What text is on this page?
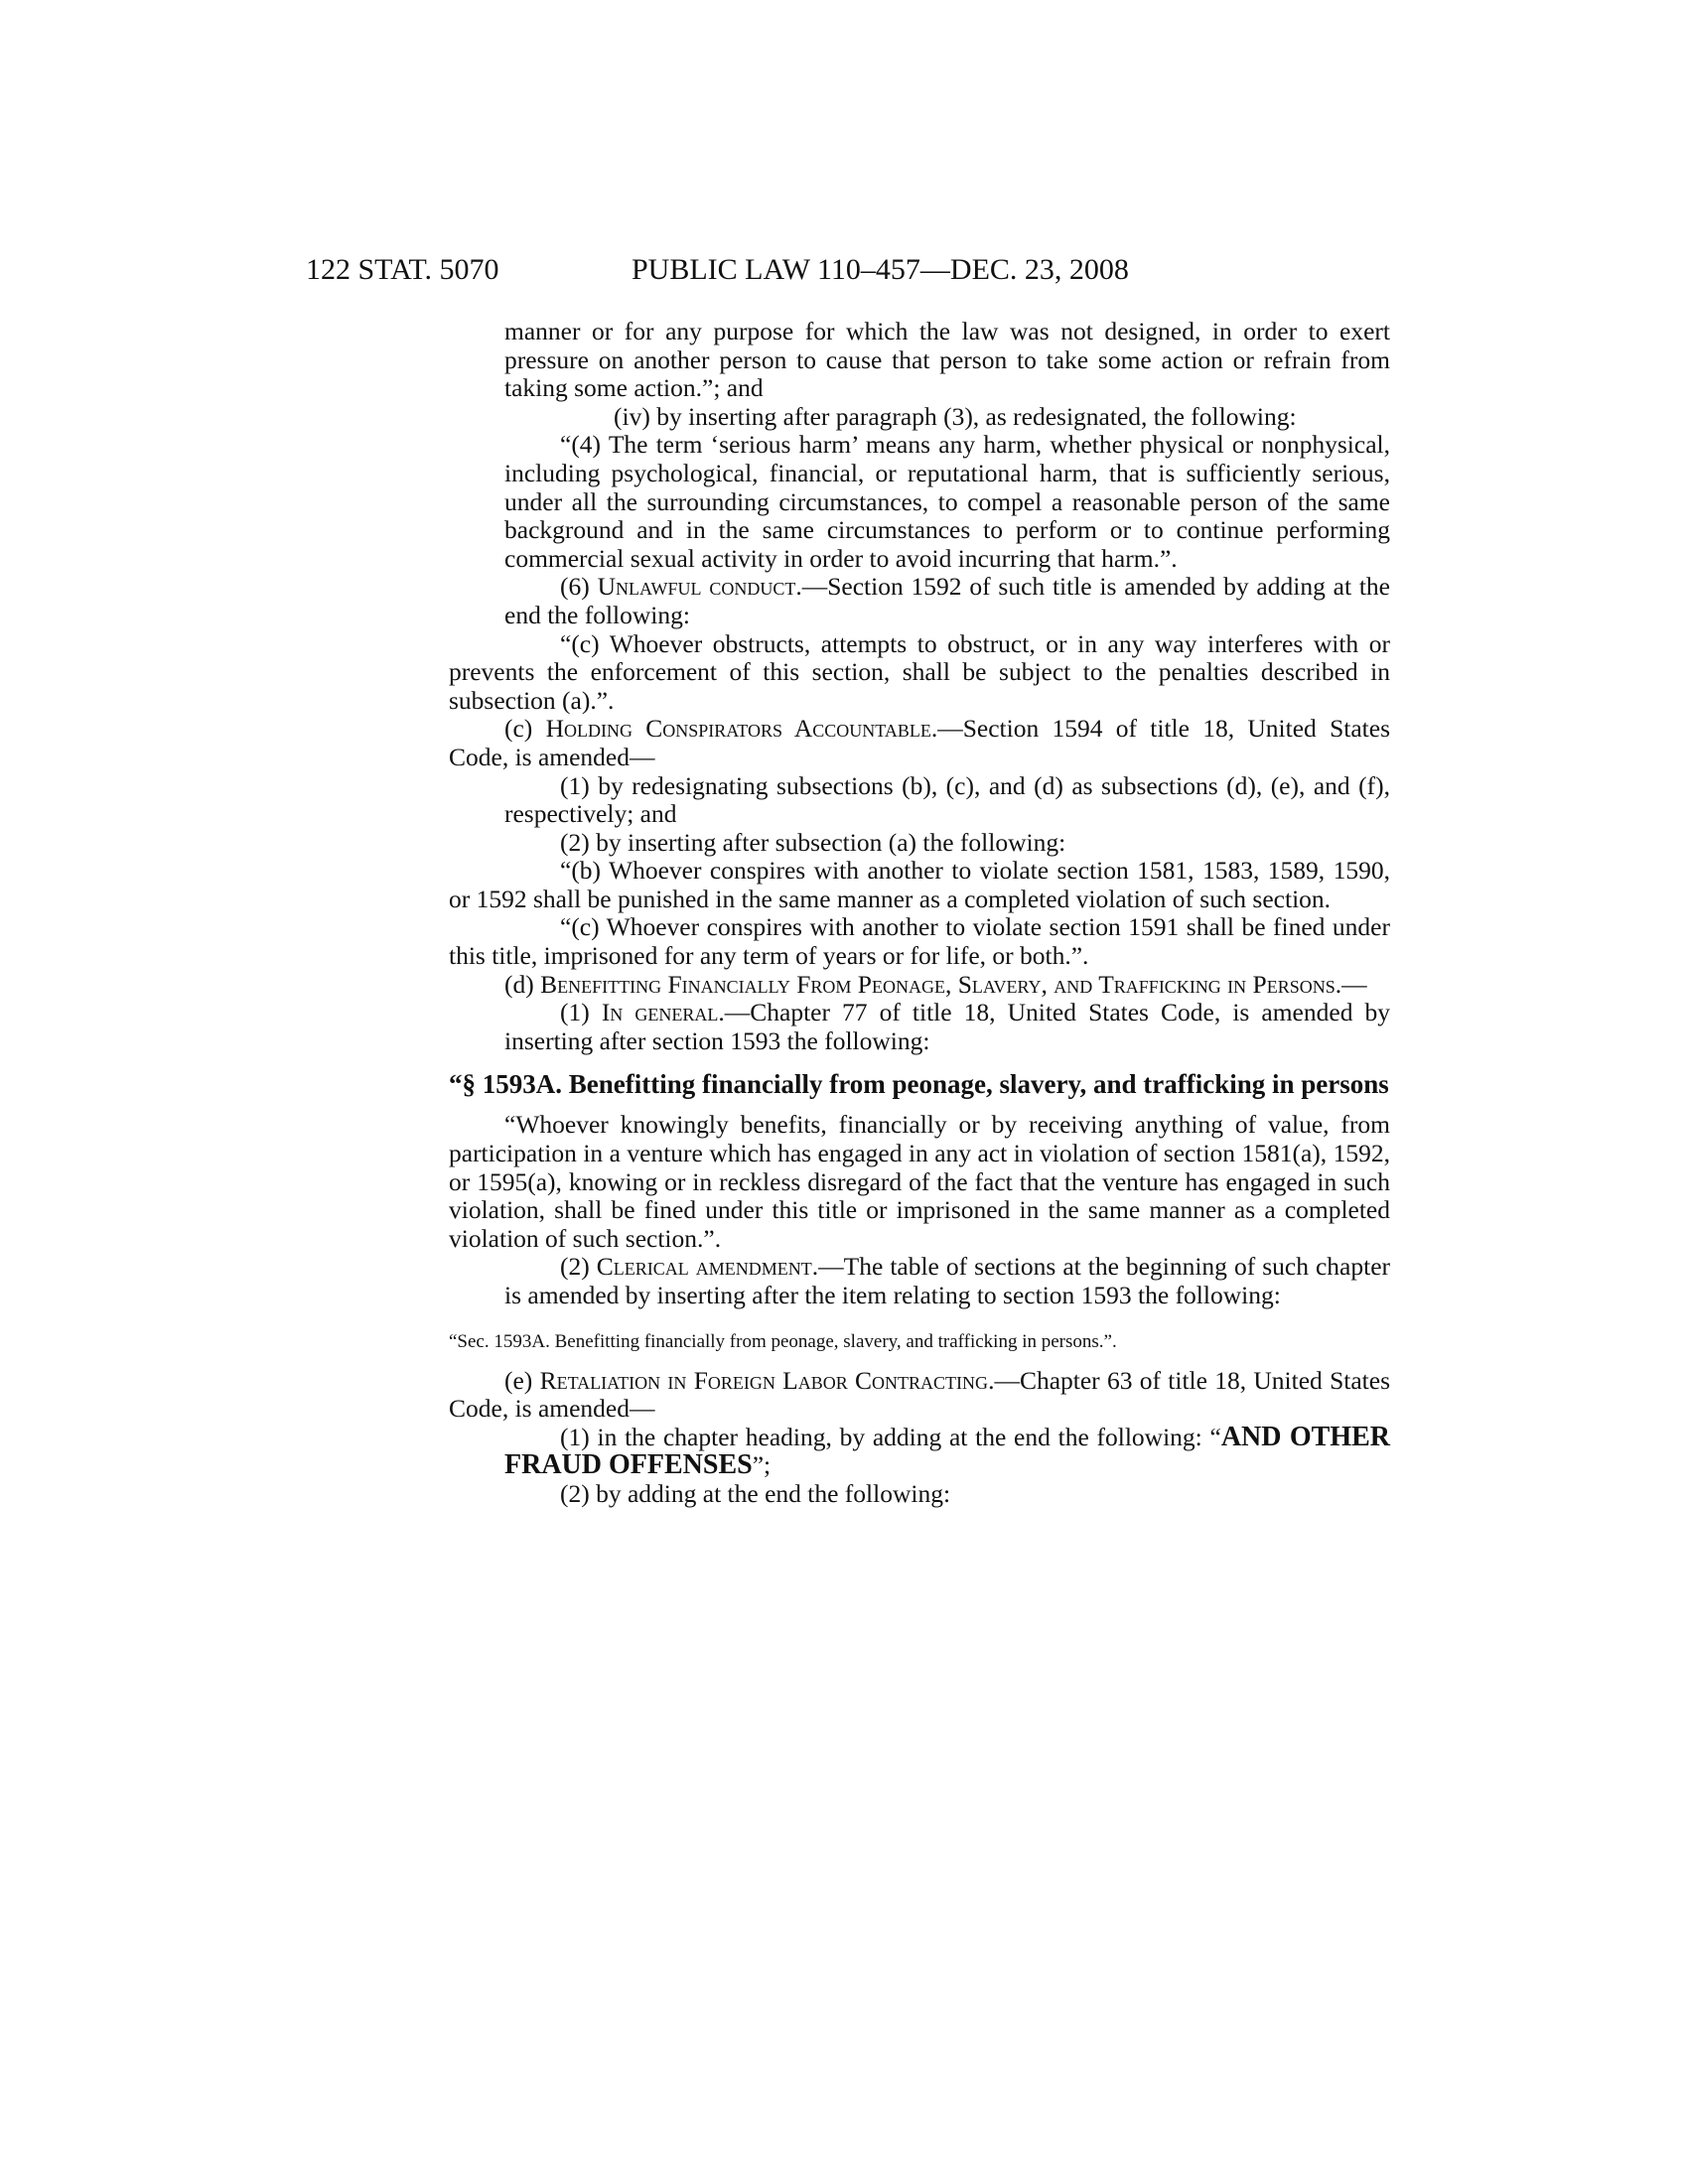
122 STAT. 5070	PUBLIC LAW 110–457—DEC. 23, 2008

manner or for any purpose for which the law was not designed, in order to exert pressure on another person to cause that person to take some action or refrain from taking some action.”; and

(iv) by inserting after paragraph (3), as redesignated, the following:

“(4) The term ‘serious harm’ means any harm, whether physical or nonphysical, including psychological, financial, or reputational harm, that is sufficiently serious, under all the surrounding circumstances, to compel a reasonable person of the same background and in the same circumstances to perform or to continue performing commercial sexual activity in order to avoid incurring that harm.”.

(6) Unlawful conduct.—Section 1592 of such title is amended by adding at the end the following:

“(c) Whoever obstructs, attempts to obstruct, or in any way interferes with or prevents the enforcement of this section, shall be subject to the penalties described in subsection (a).”.

(c) Holding Conspirators Accountable.—Section 1594 of title 18, United States Code, is amended—

(1) by redesignating subsections (b), (c), and (d) as subsections (d), (e), and (f), respectively; and

(2) by inserting after subsection (a) the following:

“(b) Whoever conspires with another to violate section 1581, 1583, 1589, 1590, or 1592 shall be punished in the same manner as a completed violation of such section.

“(c) Whoever conspires with another to violate section 1591 shall be fined under this title, imprisoned for any term of years or for life, or both.”.

(d) Benefitting Financially From Peonage, Slavery, and Trafficking in Persons.—

(1) In general.—Chapter 77 of title 18, United States Code, is amended by inserting after section 1593 the following:

“§ 1593A. Benefitting financially from peonage, slavery, and trafficking in persons

“Whoever knowingly benefits, financially or by receiving anything of value, from participation in a venture which has engaged in any act in violation of section 1581(a), 1592, or 1595(a), knowing or in reckless disregard of the fact that the venture has engaged in such violation, shall be fined under this title or imprisoned in the same manner as a completed violation of such section.”.

(2) Clerical amendment.—The table of sections at the beginning of such chapter is amended by inserting after the item relating to section 1593 the following:

“Sec. 1593A. Benefitting financially from peonage, slavery, and trafficking in persons.”.

(e) Retaliation in Foreign Labor Contracting.—Chapter 63 of title 18, United States Code, is amended—

(1) in the chapter heading, by adding at the end the following: “AND OTHER FRAUD OFFENSES”;

(2) by adding at the end the following:
